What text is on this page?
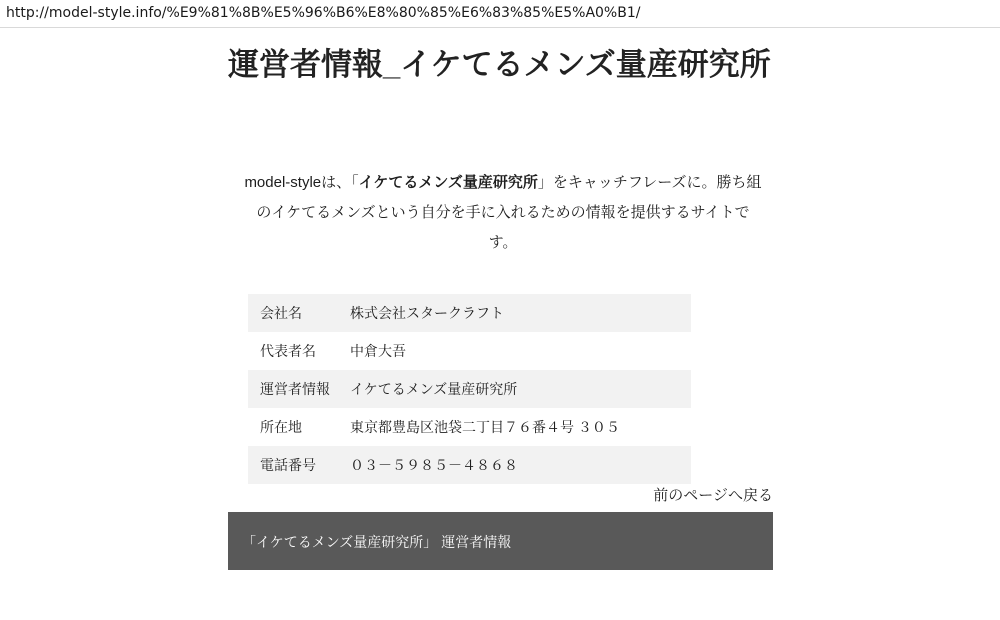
http://model-style.info/%E9%81%8B%E5%96%B6%E8%80%85%E6%83%85%E5%A0%B1/
運営者情報_イケてるメンズ量産研究所

model-styleは、「イケてるメンズ量産研究所」をキャッチフレーズに。勝ち組のイケてるメンズという自分を手に入れるための情報を提供するサイトです。

会社名	株式会社スタークラフト
代表者名	中倉大吾
運営者情報	イケてるメンズ量産研究所
所在地	東京都豊島区池袋二丁目７６番４号 ３０５
電話番号	０３－５９８５－４８６８
前のページへ戻る
「イケてるメンズ量産研究所」 運営者情報
